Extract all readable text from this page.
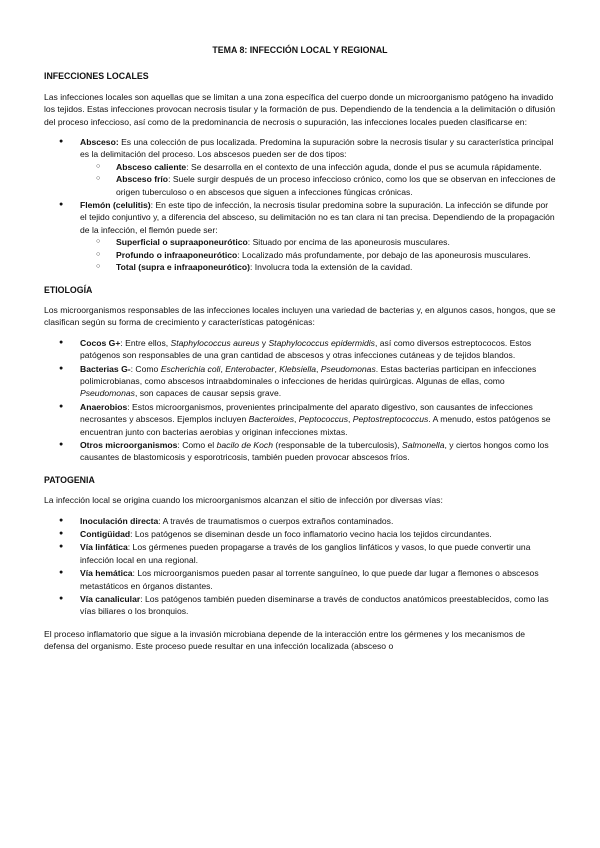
TEMA 8: INFECCIÓN LOCAL Y REGIONAL
INFECCIONES LOCALES

Las infecciones locales son aquellas que se limitan a una zona específica del cuerpo donde un microorganismo patógeno ha invadido los tejidos. Estas infecciones provocan necrosis tisular y la formación de pus. Dependiendo de la tendencia a la delimitación o difusión del proceso infeccioso, así como de la predominancia de necrosis o supuración, las infecciones locales pueden clasificarse en:

● Absceso: Es una colección de pus localizada. Predomina la supuración sobre la necrosis tisular y su característica principal es la delimitación del proceso. Los abscesos pueden ser de dos tipos:
○ Absceso caliente: Se desarrolla en el contexto de una infección aguda, donde el pus se acumula rápidamente.
○ Absceso frío: Suele surgir después de un proceso infeccioso crónico, como los que se observan en infecciones de origen tuberculoso o en abscesos que siguen a infecciones fúngicas crónicas.
● Flemón (celulitis): En este tipo de infección, la necrosis tisular predomina sobre la supuración. La infección se difunde por el tejido conjuntivo y, a diferencia del absceso, su delimitación no es tan clara ni tan precisa. Dependiendo de la propagación de la infección, el flemón puede ser:
○ Superficial o supraaponeurótico: Situado por encima de las aponeurosis musculares.
○ Profundo o infraaponeurótico: Localizado más profundamente, por debajo de las aponeurosis musculares.
○ Total (supra e infraaponeurótico): Involucra toda la extensión de la cavidad.
ETIOLOGÍA

Los microorganismos responsables de las infecciones locales incluyen una variedad de bacterias y, en algunos casos, hongos, que se clasifican según su forma de crecimiento y características patogénicas:

● Cocos G+: Entre ellos, Staphylococcus aureus y Staphylococcus epidermidis, así como diversos estreptococos. Estos patógenos son responsables de una gran cantidad de abscesos y otras infecciones cutáneas y de tejidos blandos.
● Bacterias G-: Como Escherichia coli, Enterobacter, Klebsiella, Pseudomonas. Estas bacterias participan en infecciones polimicrobianas, como abscesos intraabdominales o infecciones de heridas quirúrgicas. Algunas de ellas, como Pseudomonas, son capaces de causar sepsis grave.
● Anaerobios: Estos microorganismos, provenientes principalmente del aparato digestivo, son causantes de infecciones necrosantes y abscesos. Ejemplos incluyen Bacteroides, Peptococcus, Peptostreptococcus. A menudo, estos patógenos se encuentran junto con bacterias aerobias y originan infecciones mixtas.
● Otros microorganismos: Como el bacilo de Koch (responsable de la tuberculosis), Salmonella, y ciertos hongos como los causantes de blastomicosis y esporotricosis, también pueden provocar abscesos fríos.
PATOGENIA

La infección local se origina cuando los microorganismos alcanzan el sitio de infección por diversas vías:

● Inoculación directa: A través de traumatismos o cuerpos extraños contaminados.
● Contigüidad: Los patógenos se diseminan desde un foco inflamatorio vecino hacia los tejidos circundantes.
● Vía linfática: Los gérmenes pueden propagarse a través de los ganglios linfáticos y vasos, lo que puede convertir una infección local en una regional.
● Vía hemática: Los microorganismos pueden pasar al torrente sanguíneo, lo que puede dar lugar a flemones o abscesos metastáticos en órganos distantes.
● Vía canalicular: Los patógenos también pueden diseminarse a través de conductos anatómicos preestablecidos, como las vías biliares o los bronquios.

El proceso inflamatorio que sigue a la invasión microbiana depende de la interacción entre los gérmenes y los mecanismos de defensa del organismo. Este proceso puede resultar en una infección localizada (absceso o
